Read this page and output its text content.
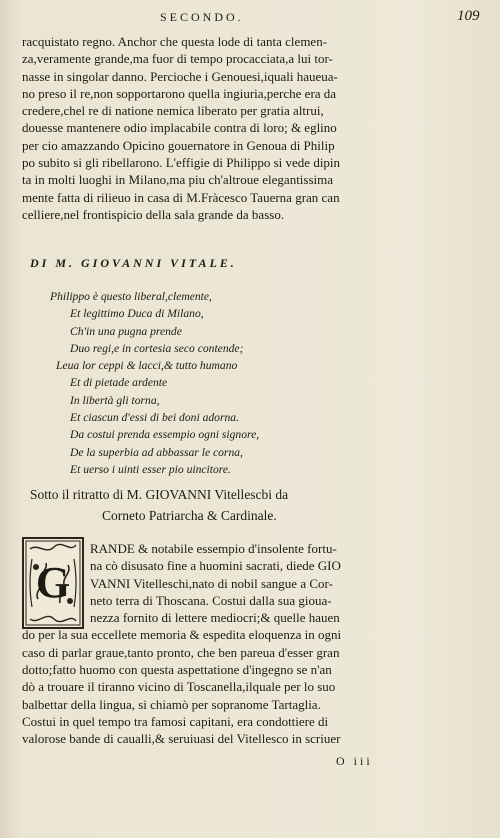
SECONDO.	109
racquistato regno. Anchor che questa lode di tanta clemen-
za,veramente grande,ma fuor di tempo procacciata,a lui tor-
nasse in singolar danno. Percioche i Genouesi,iquali haueua-
no preso il re,non sopportarono quella ingiuria,perche era da
credere,chel re di natione nemica liberato per gratia altrui,
douesse mantenere odio implacabile contra di loro; & eglino
per cio amazzando Opicino gouernatore in Genoua di Philip
po subito si gli ribellarono. L'effigie di Philippo si vede dipin
ta in molti luoghi in Milano,ma piu ch'altroue elegantissima
mente fatta di rilieuo in casa di M.Fràcesco Tauerna gran can
celliere,nel frontispicio della sala grande da basso.
DI M. GIOVANNI VITALE.
Philippo è questo liberal,clemente,
Et legittimo Duca di Milano,
Ch'in una pugna prende
Duo regi,e in cortesia seco contende;
Leua lor ceppi & lacci,& tutto humano
Et di pietade ardente
In libertà gli torna,
Et ciascun d'essi di bei doni adorna.
Da costui prenda essempio ogni signore,
De la superbia ad abbassar le corna,
Et uerso i uinti esser pio uincitore.
Sotto il ritratto di M. GIOVANNI Vitellescbi da
Corneto Patriarcha & Cardinale.
G
RANDE & notabile essempio d'insolente fortu-
na cò disusato fine a huomini sacrati, diede GIO
VANNI Vitelleschi,nato di nobil sangue a Cor-
neto terra di Thoscana. Costui dalla sua gioua-
nezza fornito di lettere mediocri;& quelle hauen
do per la sua eccellete memoria & espedita eloquenza in ogni
caso di parlar graue,tanto pronto, che ben pareua d'esser gran
dotto;fatto huomo con questa aspettatione d'ingegno se n'an
dò a trouare il tiranno vicino di Toscanella,ilquale per lo suo
balbettar della lingua, si chiamò per sopranome Tartaglia.
Costui in quel tempo tra famosi capitani, era condottiere di
valorose bande di caualli,& seruiuasi del Vitellesco in scriuer
O iii
